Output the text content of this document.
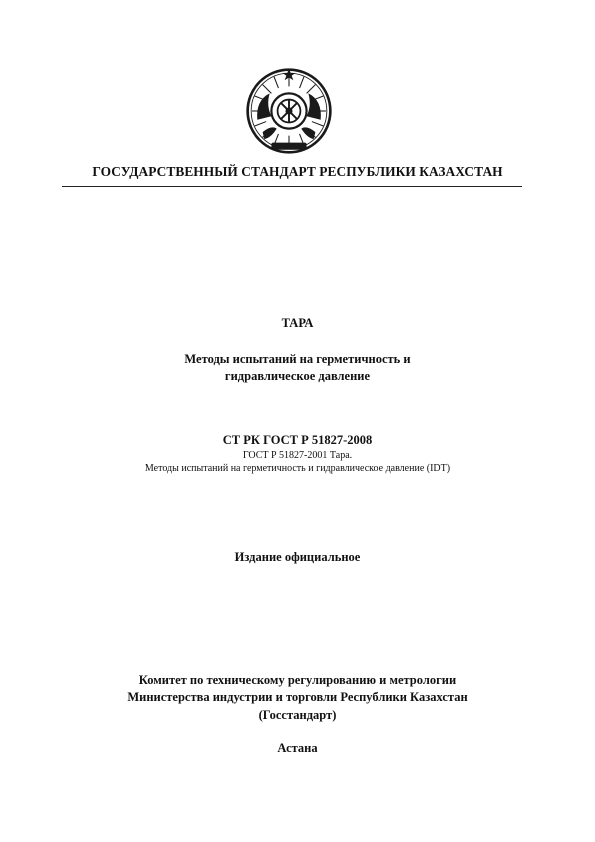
ГОСУДАРСТВЕННЫЙ СТАНДАРТ РЕСПУБЛИКИ КАЗАХСТАН
ТАРА
Методы испытаний на герметичность и
гидравлическое давление
СТ РК ГОСТ Р 51827-2008
ГОСТ Р 51827-2001 Тара.
Методы испытаний на герметичность и гидравлическое давление (IDT)
Издание официальное
Комитет по техническому регулированию и метрологии
Министерства индустрии и торговли Республики Казахстан
(Госстандарт)
Астана
